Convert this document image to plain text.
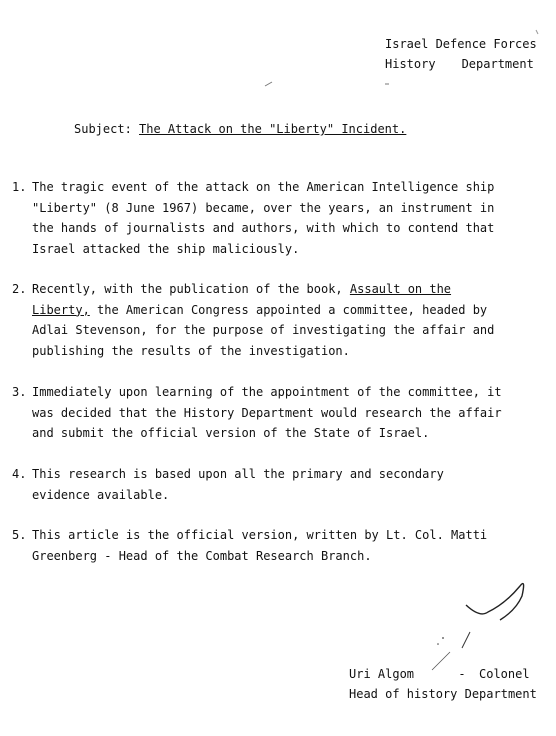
Israel Defence Forces
History Department
Subject: The Attack on the "Liberty" Incident.
1. The tragic event of the attack on the American Intelligence ship "Liberty" (8 June 1967) became, over the years, an instrument in the hands of journalists and authors, with which to contend that Israel attacked the ship maliciously.
2. Recently, with the publication of the book, Assault on the Liberty, the American Congress appointed a committee, headed by Adlai Stevenson, for the purpose of investigating the affair and publishing the results of the investigation.
3. Immediately upon learning of the appointment of the committee, it was decided that the History Department would research the affair and submit the official version of the State of Israel.
4. This research is based upon all the primary and secondary evidence available.
5. This article is the official version, written by Lt. Col. Matti Greenberg - Head of the Combat Research Branch.
Uri Algom	-	Colonel
Head of history Department
